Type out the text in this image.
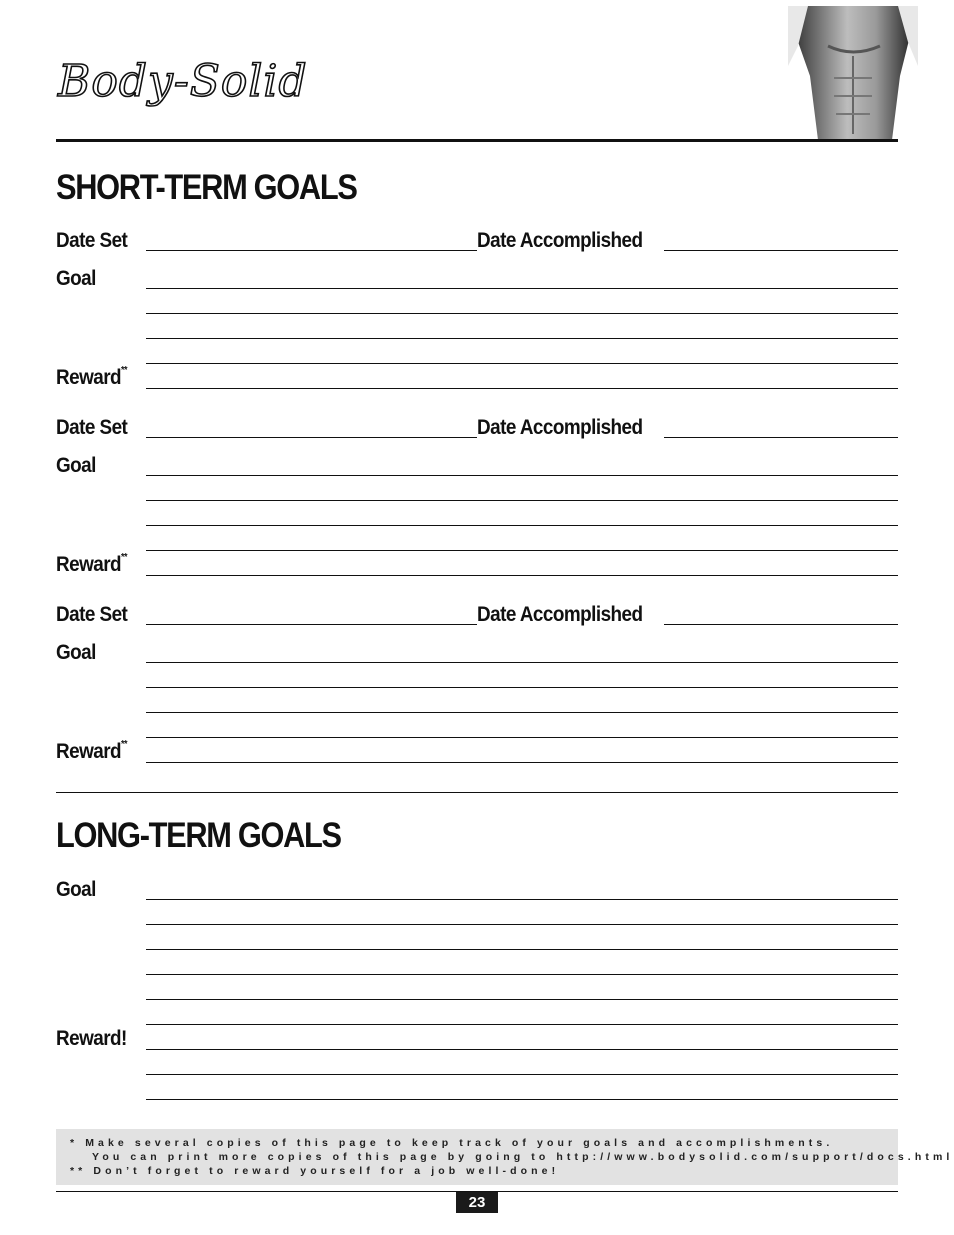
Body-Solid
SHORT-TERM GOALS
Date Set	Date Accomplished
Goal
Reward**
Date Set	Date Accomplished
Goal
Reward**
Date Set	Date Accomplished
Goal
Reward**
LONG-TERM GOALS
Goal
Reward!
* Make several copies of this page to keep track of your goals and accomplishments.
You can print more copies of this page by going to http://www.bodysolid.com/support/docs.html
** Don’t forget to reward yourself for a job well-done!
23
